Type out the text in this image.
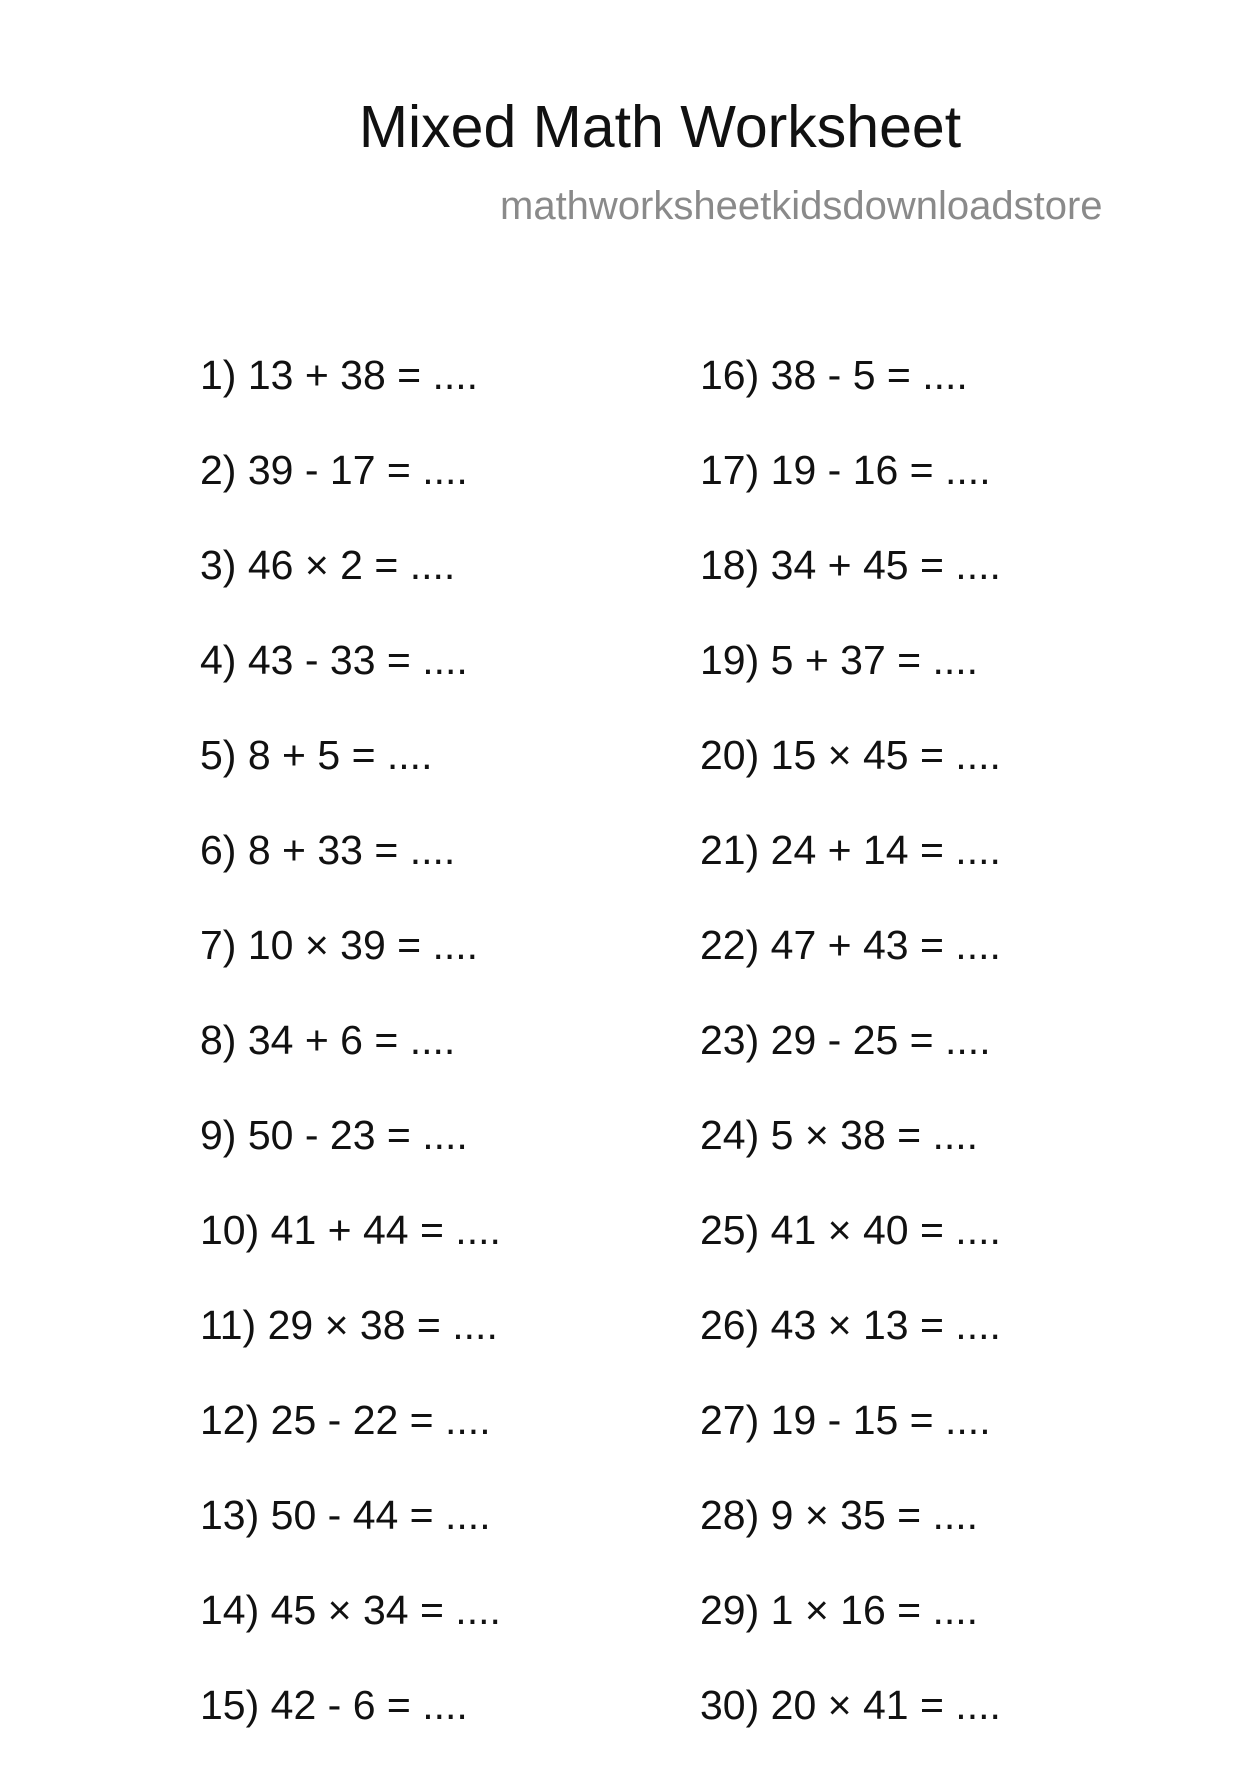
Mixed Math Worksheet
mathworksheetkidsdownloadstore
1) 13 + 38 = ....
2) 39 - 17 = ....
3) 46 × 2 = ....
4) 43 - 33 = ....
5) 8 + 5 = ....
6) 8 + 33 = ....
7) 10 × 39 = ....
8) 34 + 6 = ....
9) 50 - 23 = ....
10) 41 + 44 = ....
11) 29 × 38 = ....
12) 25 - 22 = ....
13) 50 - 44 = ....
14) 45 × 34 = ....
15) 42 - 6 = ....
16) 38 - 5 = ....
17) 19 - 16 = ....
18) 34 + 45 = ....
19) 5 + 37 = ....
20) 15 × 45 = ....
21) 24 + 14 = ....
22) 47 + 43 = ....
23) 29 - 25 = ....
24) 5 × 38 = ....
25) 41 × 40 = ....
26) 43 × 13 = ....
27) 19 - 15 = ....
28) 9 × 35 = ....
29) 1 × 16 = ....
30) 20 × 41 = ....
